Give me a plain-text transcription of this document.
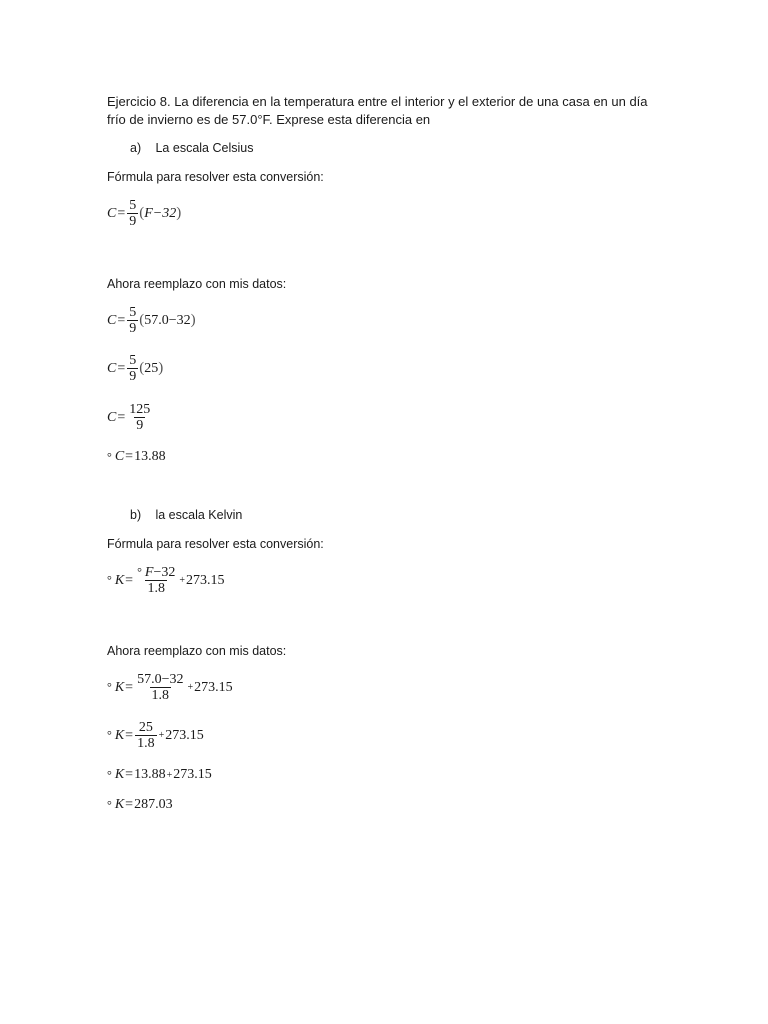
Ejercicio 8. La diferencia en la temperatura entre el interior y el exterior de una casa en un día frío de invierno es de 57.0°F. Exprese esta diferencia en
a) La escala Celsius
Fórmula para resolver esta conversión:
$C = \frac{5}{9}$ ( F−32 )
Ahora reemplazo con mis datos:
$C = \frac{5}{9}$ ( 57.0−32 )
$C = \frac{5}{9}$ ( 25 )
$C = \frac{125}{9}$
° C = 13.88
b) la escala Kelvin
Fórmula para resolver esta conversión:
° $K = \frac{^\circ F-32}{1.8} + 273.15$
Ahora reemplazo con mis datos:
° $K = \frac{57.0-32}{1.8} + 273.15$
° $K = \frac{25}{1.8} + 273.15$
° K = 13.88 + 273.15
° K = 287.03
